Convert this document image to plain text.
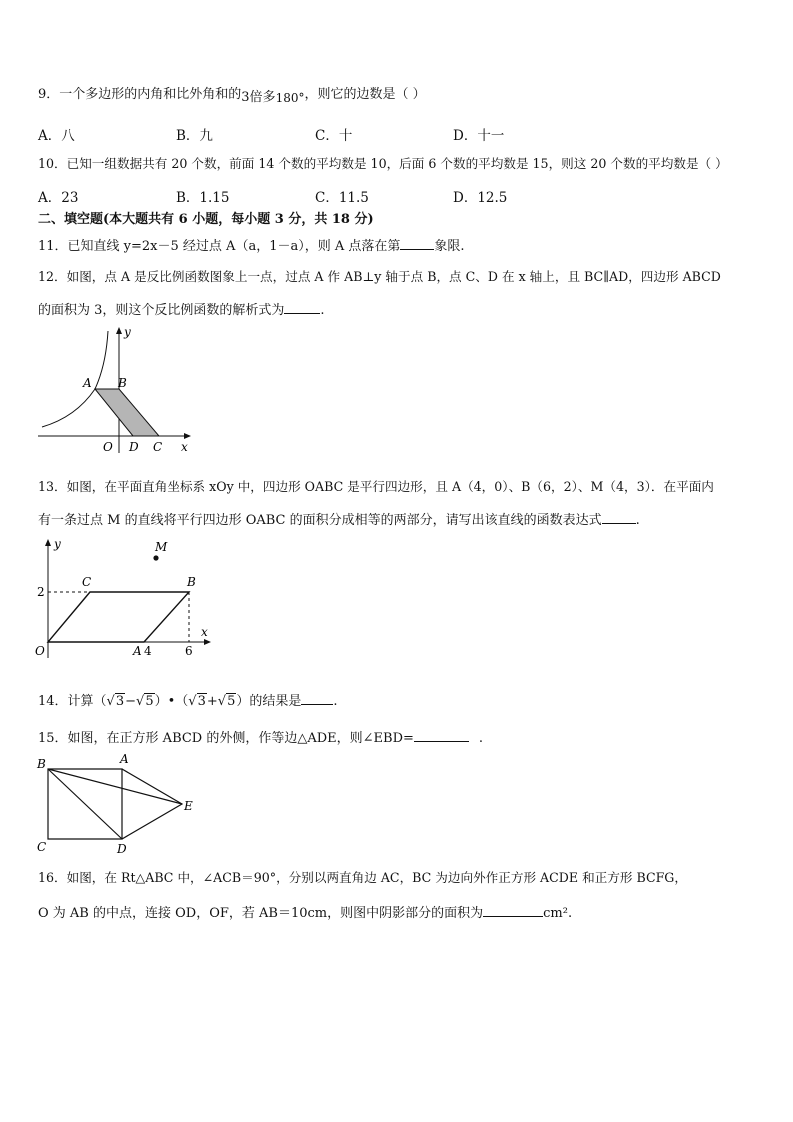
9．一个多边形的内角和比外角和的3倍多180°，则它的边数是（ ）
A．八	B．九	C．十	D．十一
10．已知一组数据共有 20 个数，前面 14 个数的平均数是 10，后面 6 个数的平均数是 15，则这 20 个数的平均数是（ ）
A．23	B．1.15	C．11.5	D．12.5
二、填空题(本大题共有 6 小题，每小题 3 分，共 18 分)
11．已知直线 y=2x－5 经过点 A（a，1－a），则 A 点落在第	象限.
12．如图，点 A 是反比例函数图象上一点，过点 A 作 AB⊥y 轴于点 B，点 C、D 在 x 轴上，且 BC∥AD，四边形 ABCD
的面积为 3，则这个反比例函数的解析式为	.
y
A B
O D C x
13．如图，在平面直角坐标系 xOy 中，四边形 OABC 是平行四边形，且 A（4，0）、B（6，2）、M（4，3）．在平面内
有一条过点 M 的直线将平行四边形 OABC 的面积分成相等的两部分，请写出该直线的函数表达式	.
y	M
C	B
2
O	A 4	6
x
14．计算（√3−√5）•（√3+√5）的结果是 .
15．如图，在正方形 ABCD 的外侧，作等边△ADE，则∠EBD=	.
B	A
E
C	D
16．如图，在 Rt△ABC 中，∠ACB＝90°，分别以两直角边 AC，BC 为边向外作正方形 ACDE 和正方形 BCFG，
O 为 AB 的中点，连接 OD，OF，若 AB＝10cm，则图中阴影部分的面积为	cm².
